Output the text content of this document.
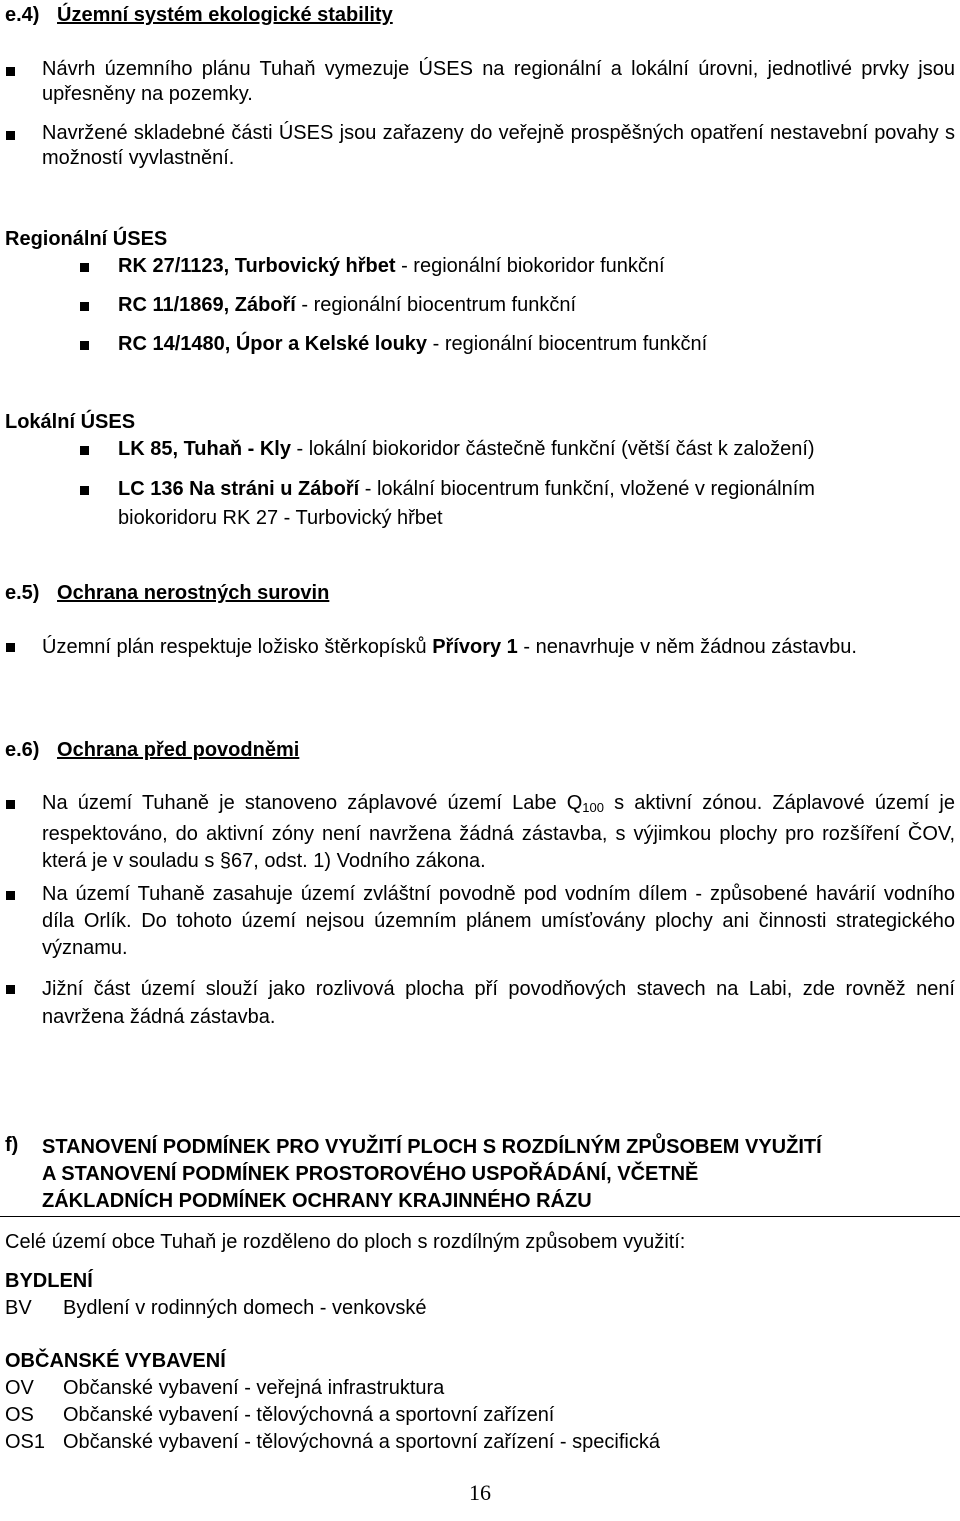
e.4) Územní systém ekologické stability
Návrh územního plánu Tuhaň vymezuje ÚSES na regionální a lokální úrovni, jednotlivé prvky jsou upřesněny na pozemky.
Navržené skladebné části ÚSES jsou zařazeny do veřejně prospěšných opatření nestavební povahy s možností vyvlastnění.
Regionální ÚSES
RK 27/1123, Turbovický hřbet - regionální biokoridor funkční
RC 11/1869, Záboří - regionální biocentrum funkční
RC 14/1480, Úpor a Kelské louky - regionální biocentrum funkční
Lokální ÚSES
LK 85, Tuhaň - Kly - lokální biokoridor částečně funkční (větší část k založení)
LC 136 Na stráni u Záboří - lokální biocentrum funkční, vložené v regionálním
biokoridoru RK 27 - Turbovický hřbet
e.5) Ochrana nerostných surovin
Územní plán respektuje ložisko štěrkopísků Přívory 1 - nenavrhuje v něm žádnou zástavbu.
e.6) Ochrana před povodněmi
Na území Tuhaně je stanoveno záplavové území Labe $Q_{100}$ s aktivní zónou. Záplavové území je respektováno, do aktivní zóny není navržena žádná zástavba, s výjimkou plochy pro rozšíření ČOV, která je v souladu s §67, odst. 1) Vodního zákona.
Na území Tuhaně zasahuje území zvláštní povodně pod vodním dílem - způsobené havárií vodního díla Orlík. Do tohoto území nejsou územním plánem umísťovány plochy ani činnosti strategického významu.
Jižní část území slouží jako rozlivová plocha pří povodňových stavech na Labi, zde rovněž není navržena žádná zástavba.
f) STANOVENÍ PODMÍNEK PRO VYUŽITÍ PLOCH S ROZDÍLNÝM ZPŮSOBEM VYUŽITÍ
A STANOVENÍ PODMÍNEK PROSTOROVÉHO USPOŘÁDÁNÍ, VČETNĚ
ZÁKLADNÍCH PODMÍNEK OCHRANY KRAJINNÉHO RÁZU
Celé území obce Tuhaň je rozděleno do ploch s rozdílným způsobem využití:
BYDLENÍ
BV Bydlení v rodinných domech - venkovské
OBČANSKÉ VYBAVENÍ
OV Občanské vybavení - veřejná infrastruktura
OS Občanské vybavení - tělovýchovná a sportovní zařízení
OS1 Občanské vybavení - tělovýchovná a sportovní zařízení - specifická
16
